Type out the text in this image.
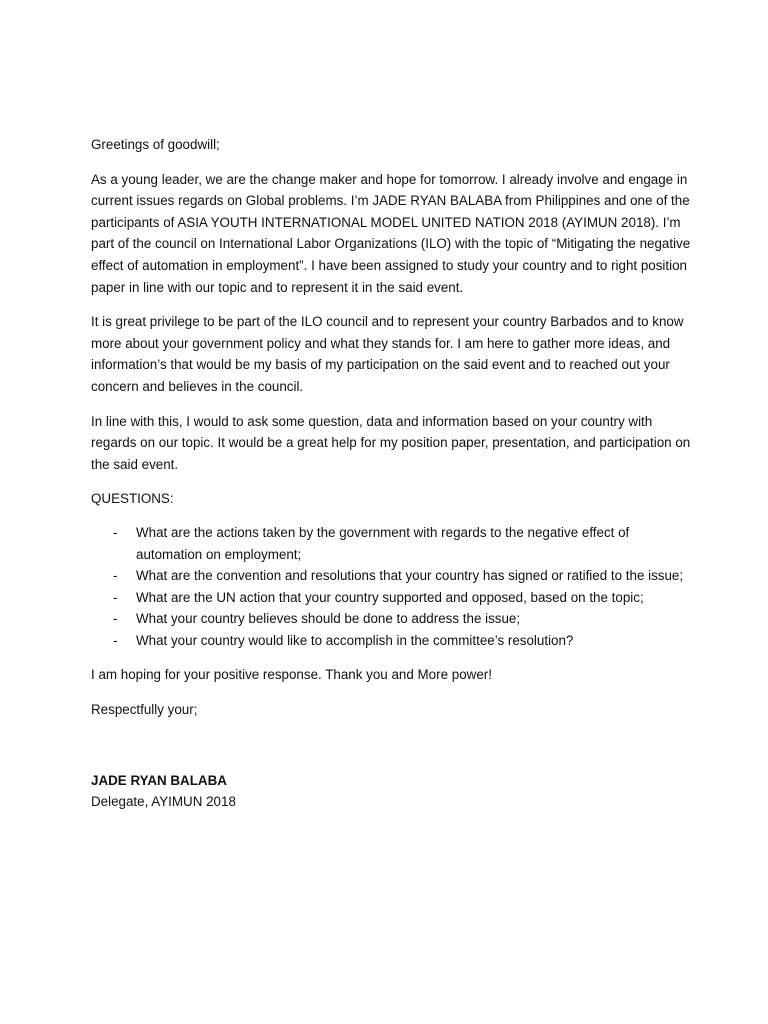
Greetings of goodwill;

As a young leader, we are the change maker and hope for tomorrow. I already involve and engage in current issues regards on Global problems. I’m JADE RYAN BALABA from Philippines and one of the participants of ASIA YOUTH INTERNATIONAL MODEL UNITED NATION 2018 (AYIMUN 2018). I’m part of the council on International Labor Organizations (ILO) with the topic of “Mitigating the negative effect of automation in employment”. I have been assigned to study your country and to right position paper in line with our topic and to represent it in the said event.

It is great privilege to be part of the ILO council and to represent your country Barbados and to know more about your government policy and what they stands for. I am here to gather more ideas, and information’s that would be my basis of my participation on the said event and to reached out your concern and believes in the council.

In line with this, I would to ask some question, data and information based on your country with regards on our topic. It would be a great help for my position paper, presentation, and participation on the said event.

QUESTIONS:

- What are the actions taken by the government with regards to the negative effect of automation on employment;
- What are the convention and resolutions that your country has signed or ratified to the issue;
- What are the UN action that your country supported and opposed, based on the topic;
- What your country believes should be done to address the issue;
- What your country would like to accomplish in the committee’s resolution?

I am hoping for your positive response. Thank you and More power!

Respectfully your;

JADE RYAN BALABA

Delegate, AYIMUN 2018
